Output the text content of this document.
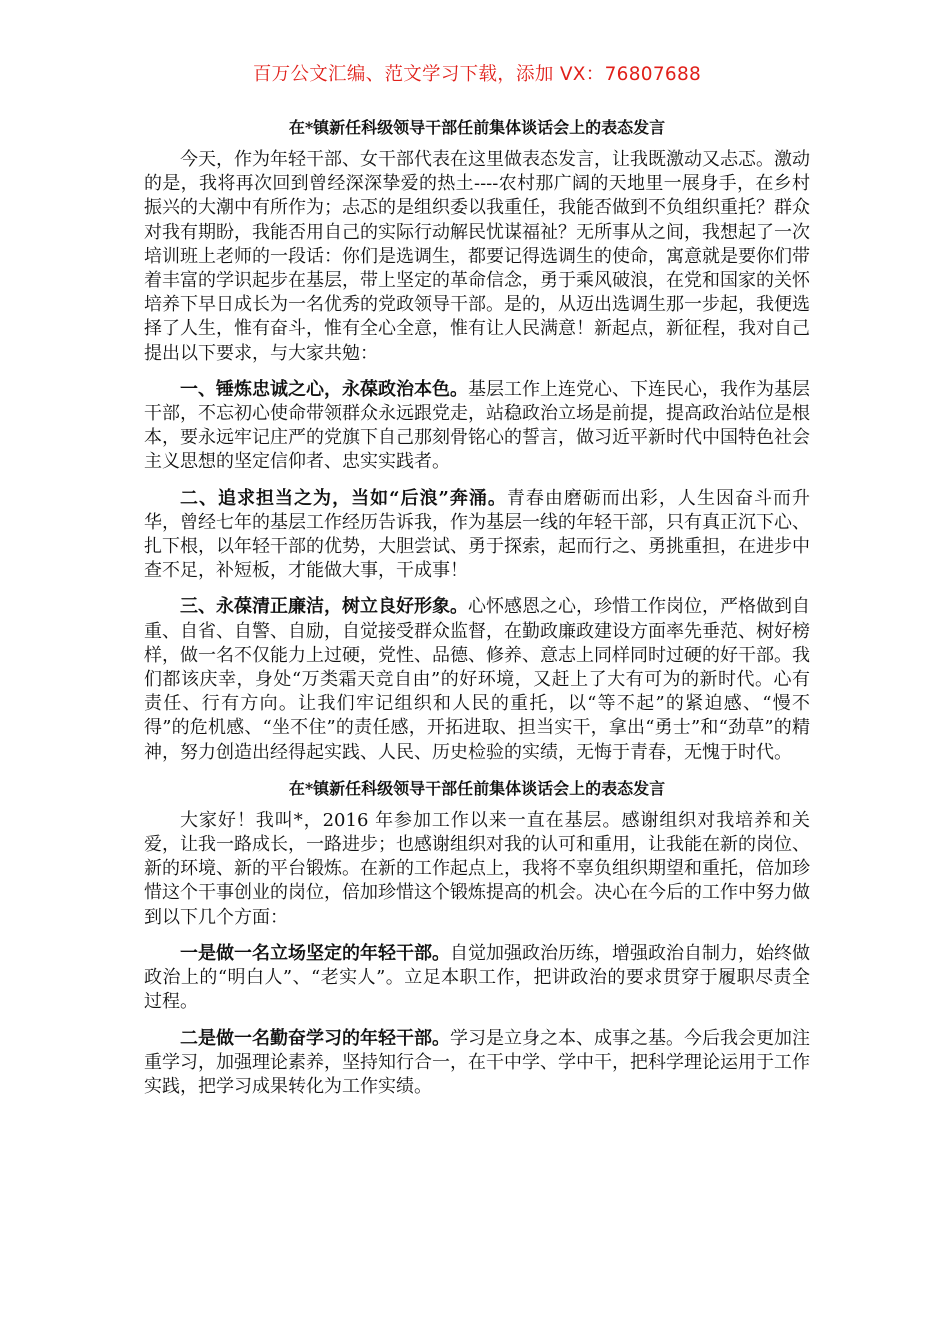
百万公文汇编、范文学习下载，添加 VX：76807688
在*镇新任科级领导干部任前集体谈话会上的表态发言

今天，作为年轻干部、女干部代表在这里做表态发言，让我既激动又忐忑。激动的是，我将再次回到曾经深深挚爱的热土----农村那广阔的天地里一展身手，在乡村振兴的大潮中有所作为；忐忑的是组织委以我重任，我能否做到不负组织重托？群众对我有期盼，我能否用自己的实际行动解民忧谋福祉？无所事从之间，我想起了一次培训班上老师的一段话：你们是选调生，都要记得选调生的使命，寓意就是要你们带着丰富的学识起步在基层，带上坚定的革命信念，勇于乘风破浪，在党和国家的关怀培养下早日成长为一名优秀的党政领导干部。是的，从迈出选调生那一步起，我便选择了人生，惟有奋斗，惟有全心全意，惟有让人民满意！新起点，新征程，我对自己提出以下要求，与大家共勉：

一、锤炼忠诚之心，永葆政治本色。基层工作上连党心、下连民心，我作为基层干部，不忘初心使命带领群众永远跟党走，站稳政治立场是前提，提高政治站位是根本，要永远牢记庄严的党旗下自己那刻骨铭心的誓言，做习近平新时代中国特色社会主义思想的坚定信仰者、忠实实践者。

二、追求担当之为，当如“后浪”奔涌。青春由磨砺而出彩，人生因奋斗而升华，曾经七年的基层工作经历告诉我，作为基层一线的年轻干部，只有真正沉下心、扎下根，以年轻干部的优势，大胆尝试、勇于探索，起而行之、勇挑重担，在进步中查不足，补短板，才能做大事，干成事！

三、永葆清正廉洁，树立良好形象。心怀感恩之心，珍惜工作岗位，严格做到自重、自省、自警、自励，自觉接受群众监督，在勤政廉政建设方面率先垂范、树好榜样，做一名不仅能力上过硬，党性、品德、修养、意志上同样同时过硬的好干部。我们都该庆幸，身处“万类霜天竞自由”的好环境，又赶上了大有可为的新时代。心有责任、行有方向。让我们牢记组织和人民的重托，以“等不起”的紧迫感、“慢不得”的危机感、“坐不住”的责任感，开拓进取、担当实干，拿出“勇士”和“劲草”的精神，努力创造出经得起实践、人民、历史检验的实绩，无悔于青春，无愧于时代。

在*镇新任科级领导干部任前集体谈话会上的表态发言

大家好！我叫*，2016 年参加工作以来一直在基层。感谢组织对我培养和关爱，让我一路成长，一路进步；也感谢组织对我的认可和重用，让我能在新的岗位、新的环境、新的平台锻炼。在新的工作起点上，我将不辜负组织期望和重托，倍加珍惜这个干事创业的岗位，倍加珍惜这个锻炼提高的机会。决心在今后的工作中努力做到以下几个方面：

一是做一名立场坚定的年轻干部。自觉加强政治历练，增强政治自制力，始终做政治上的“明白人”、“老实人”。立足本职工作，把讲政治的要求贯穿于履职尽责全过程。

二是做一名勤奋学习的年轻干部。学习是立身之本、成事之基。今后我会更加注重学习，加强理论素养，坚持知行合一，在干中学、学中干，把科学理论运用于工作实践，把学习成果转化为工作实绩。
